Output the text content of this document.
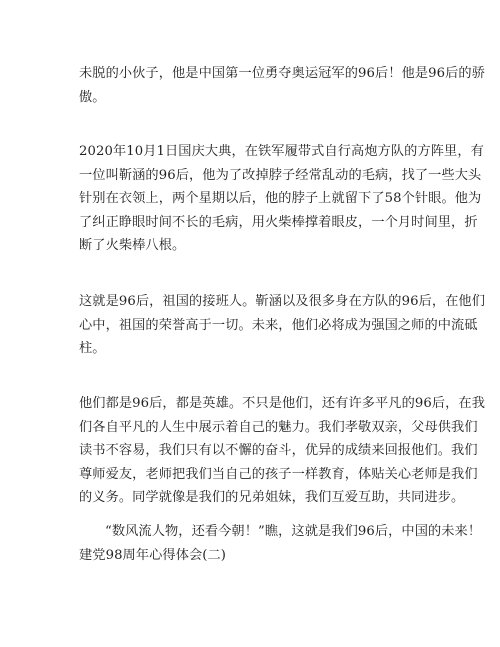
未脱的小伙子，他是中国第一位勇夺奥运冠军的96后！他是96后的骄
傲。
2020年10月1日国庆大典，在铁军履带式自行高炮方队的方阵里，有
一位叫靳涵的96后，他为了改掉脖子经常乱动的毛病，找了一些大头
针别在衣领上，两个星期以后，他的脖子上就留下了58个针眼。他为
了纠正睁眼时间不长的毛病，用火柴棒撑着眼皮，一个月时间里，折
断了火柴棒八根。
这就是96后，祖国的接班人。靳涵以及很多身在方队的96后，在他们
心中，祖国的荣誉高于一切。未来，他们必将成为强国之师的中流砥
柱。
他们都是96后，都是英雄。不只是他们，还有许多平凡的96后，在我
们各自平凡的人生中展示着自己的魅力。我们孝敬双亲，父母供我们
读书不容易，我们只有以不懈的奋斗，优异的成绩来回报他们。我们
尊师爱友，老师把我们当自己的孩子一样教育，体贴关心老师是我们
的义务。同学就像是我们的兄弟姐妹，我们互爱互助，共同进步。
“数风流人物，还看今朝！”瞧，这就是我们96后，中国的未来！
建党98周年心得体会(二)
